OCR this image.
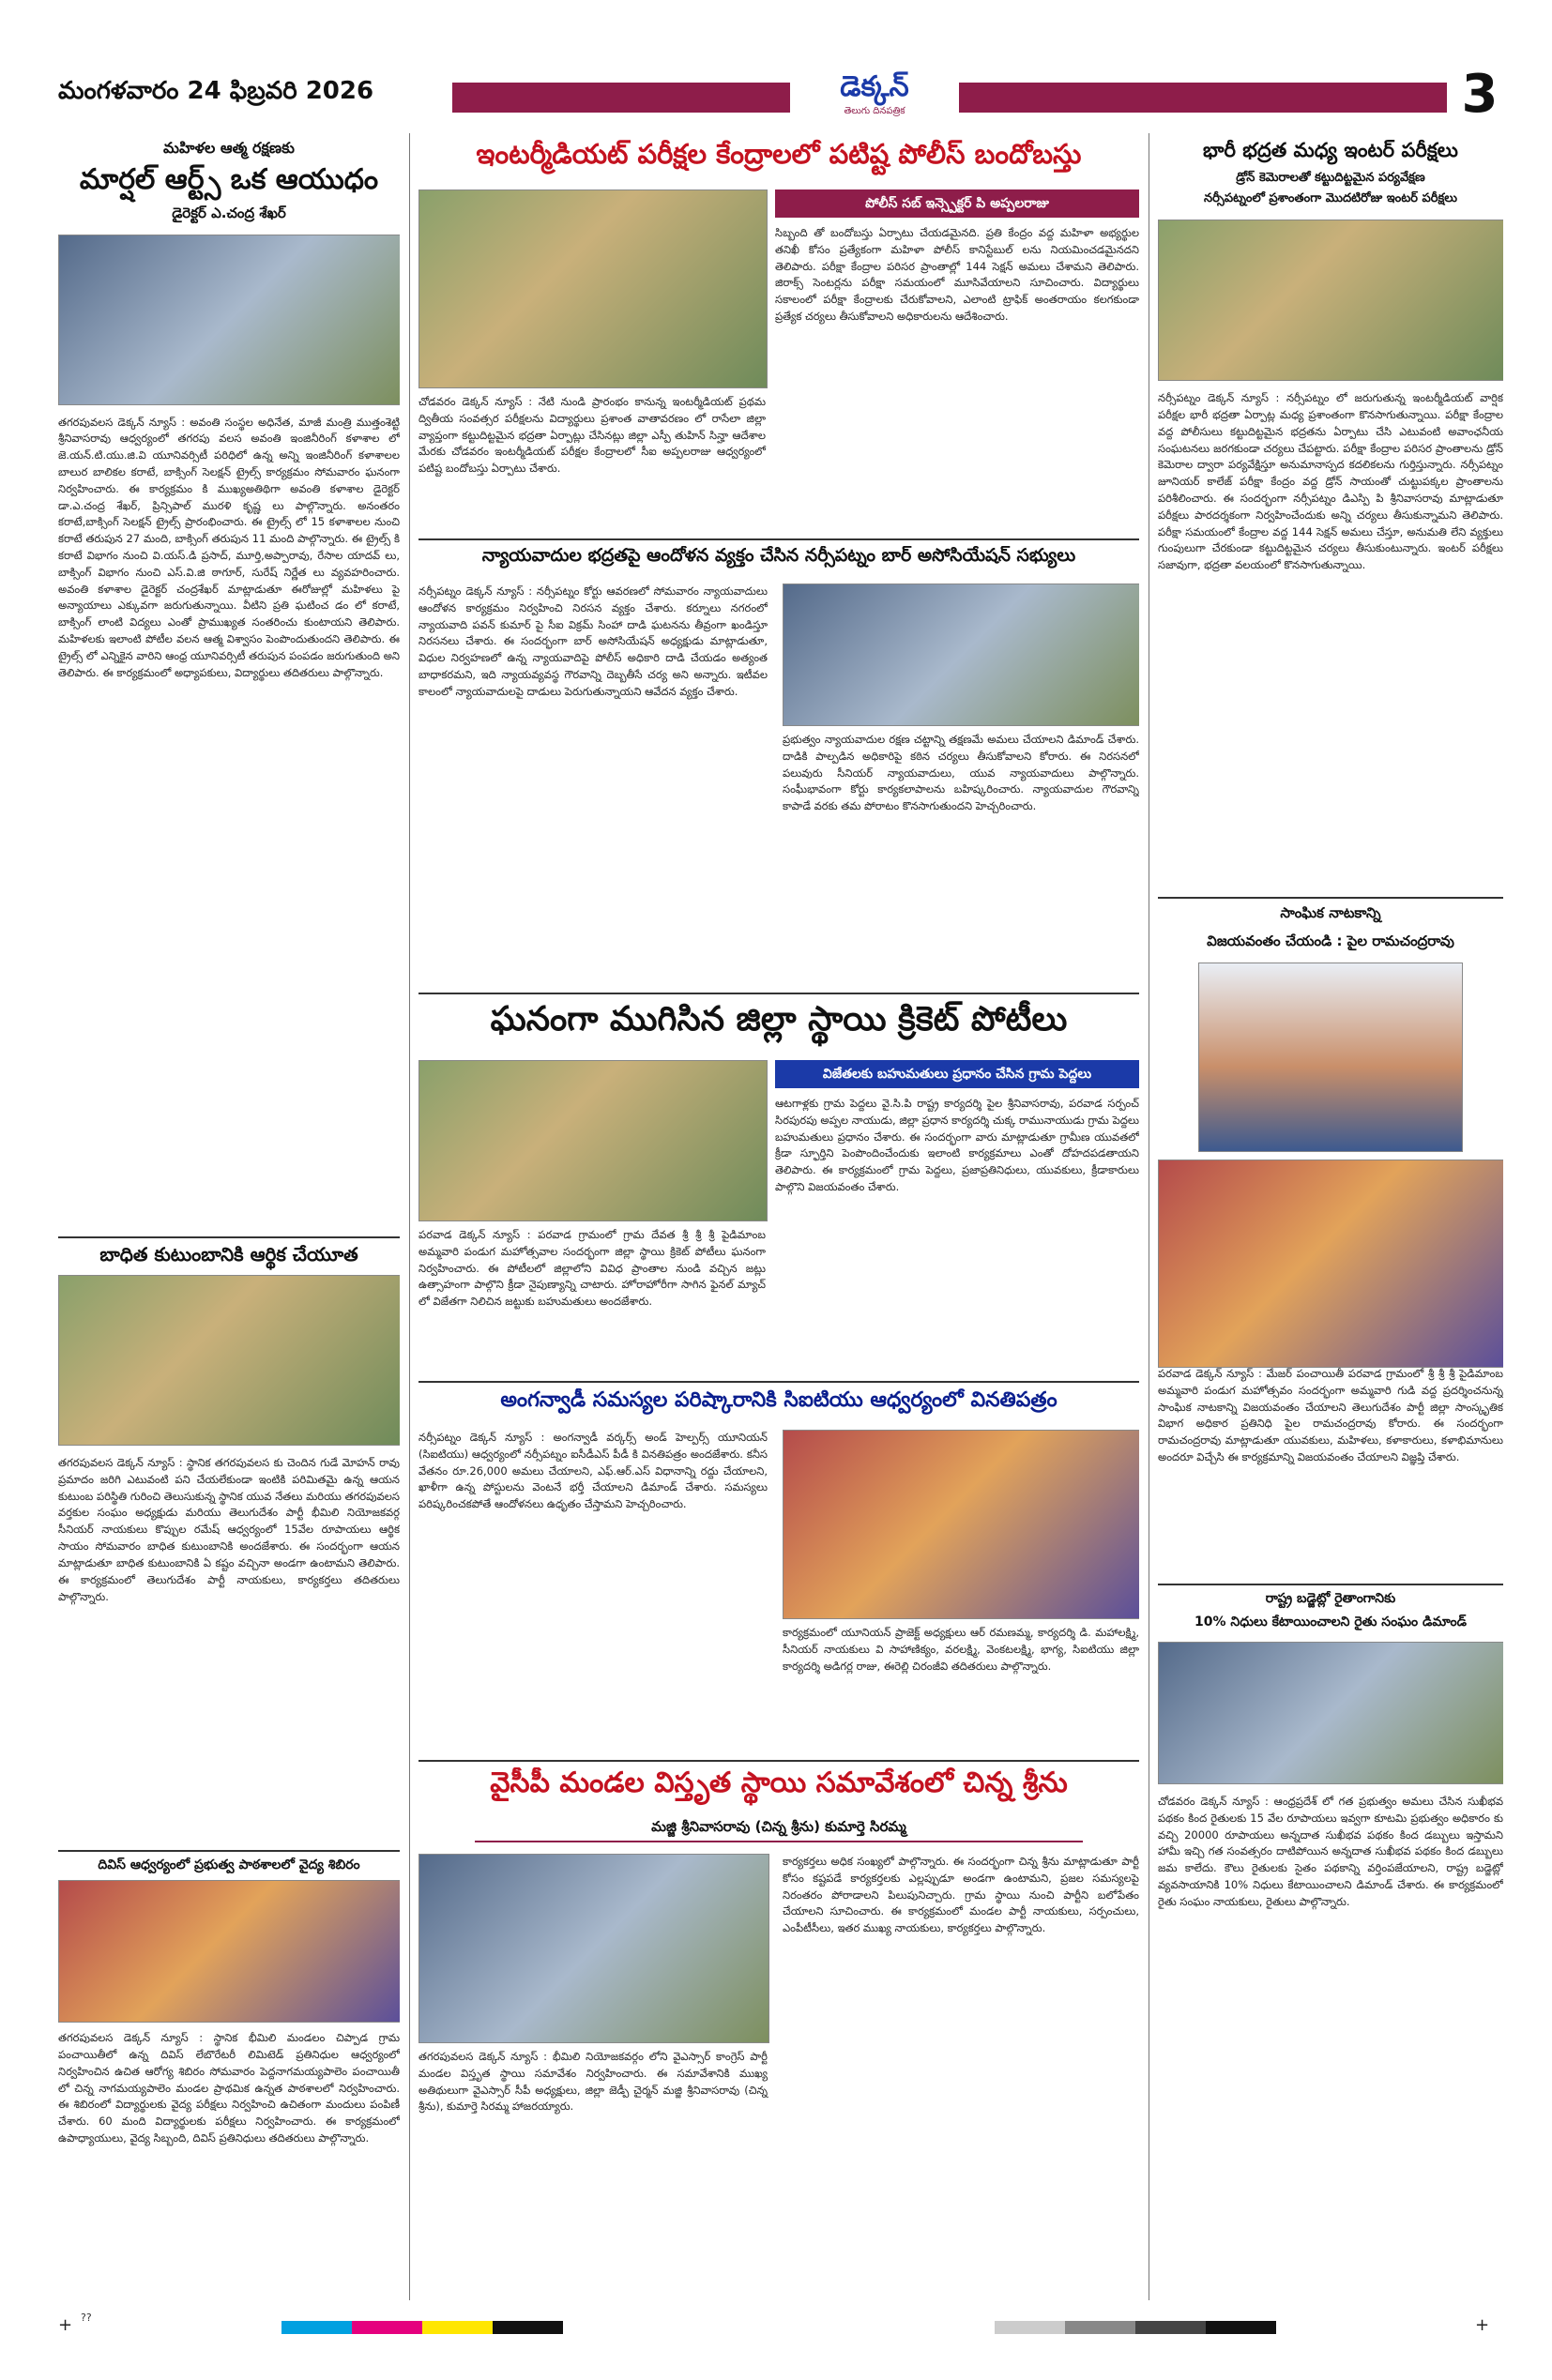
మంగళవారం 24 ఫిబ్రవరి 2026	డెక్కన్
తెలుగు దినపత్రిక	3
మహిళల ఆత్మ రక్షణకు
మార్షల్ ఆర్ట్స్ ఒక ఆయుధం
డైరెక్టర్ ఎ.చంద్ర శేఖర్
తగరపువలస డెక్కన్ న్యూస్ : అవంతి సంస్థల అధినేత, మాజీ మంత్రి ముత్తంశెట్టి శ్రీనివాసరావు ఆధ్వర్యంలో తగరపు వలస అవంతి ఇంజినీరింగ్ కళాశాల లో జె.యన్.టి.యు.జి.వి యూనివర్సిటీ పరిధిలో ఉన్న అన్ని ఇంజినీరింగ్ కళాశాలల బాలుర బాలికల కరాటే, బాక్సింగ్ సెలక్షన్ ట్రైల్స్ కార్యక్రమం సోమవారం ఘనంగా నిర్వహించారు. ఈ కార్యక్రమం కి ముఖ్యఅతిథిగా అవంతి కళాశాల డైరెక్టర్ డా.ఎ.చంద్ర శేఖర్, ప్రిన్సిపాల్ మురళి కృష్ణ లు పాల్గొన్నారు. అనంతరం కరాటే,బాక్సింగ్ సెలక్షన్ ట్రైల్స్ ప్రారంభించారు. ఈ ట్రైల్స్ లో 15 కళాశాలల నుంచి కరాటే తరుపున 27 మంది, బాక్సింగ్ తరుపున 11 మంది పాల్గొన్నారు. ఈ ట్రైల్స్ కి కరాటే విభాగం నుంచి వి.యస్.డి ప్రసాద్, మూర్తి,అప్పారావు, రేసాల యాదవ్ లు, బాక్సింగ్ విభాగం నుంచి ఎస్.వి.జి ఠాగూర్, సురేష్ నిర్ణేత లు వ్యవహరించారు. అవంతి కళాశాల డైరెక్టర్ చంద్రశేఖర్ మాట్లాడుతూ ఈరోజుల్లో మహిళలు పై అన్యాయాలు ఎక్కువగా జరుగుతున్నాయి. వీటిని ప్రతి ఘటించ డం లో కరాటే, బాక్సింగ్ లాంటి విద్యలు ఎంతో ప్రాముఖ్యత సంతరించు కుంటాయని తెలిపారు. మహిళలకు ఇలాంటి పోటీల వలన ఆత్మ విశ్వాసం పెంపొందుతుందని తెలిపారు. ఈ ట్రైల్స్ లో ఎన్నికైన వారిని ఆంధ్ర యూనివర్సిటీ తరుపున పంపడం జరుగుతుంది అని తెలిపారు. ఈ కార్యక్రమంలో అధ్యాపకులు, విద్యార్థులు తదితరులు పాల్గొన్నారు.
బాధిత కుటుంబానికి ఆర్థిక చేయూత
తగరపువలస డెక్కన్ న్యూస్ : స్థానిక తగరపువలస కు చెందిన గుడే మోహన్ రావు ప్రమాదం జరిగి ఎటువంటి పని చేయలేకుండా ఇంటికి పరిమితమై ఉన్న ఆయన కుటుంబ పరిస్థితి గురించి తెలుసుకున్న స్థానిక యువ నేతలు మరియు తగరపువలస వర్తకుల సంఘం అధ్యక్షుడు మరియు తెలుగుదేశం పార్టీ భీమిలి నియోజకవర్గ సీనియర్ నాయకులు కొప్పుల రమేష్ ఆధ్వర్యంలో 15వేల రూపాయలు ఆర్థిక సాయం సోమవారం బాధిత కుటుంబానికి అందజేశారు. ఈ సందర్భంగా ఆయన మాట్లాడుతూ బాధిత కుటుంబానికి ఏ కష్టం వచ్చినా అండగా ఉంటామని తెలిపారు. ఈ కార్యక్రమంలో తెలుగుదేశం పార్టీ నాయకులు, కార్యకర్తలు తదితరులు పాల్గొన్నారు.
దివిస్ ఆధ్వర్యంలో ప్రభుత్వ పాఠశాలలో వైద్య శిబిరం
తగరపువలస డెక్కన్ న్యూస్ : స్థానిక భీమిలి మండలం చిప్పాడ గ్రామ పంచాయితీలో ఉన్న దివిస్ లేబొరేటరీ లిమిటెడ్ ప్రతినిధుల ఆధ్వర్యంలో నిర్వహించిన ఉచిత ఆరోగ్య శిబిరం సోమవారం పెద్దనాగమయ్యపాలెం పంచాయితీ లో చిన్న నాగమయ్యపాలెం మండల ప్రాథమిక ఉన్నత పాఠశాలలో నిర్వహించారు. ఈ శిబిరంలో విద్యార్థులకు వైద్య పరీక్షలు నిర్వహించి ఉచితంగా మందులు పంపిణీ చేశారు. 60 మంది విద్యార్థులకు పరీక్షలు నిర్వహించారు. ఈ కార్యక్రమంలో ఉపాధ్యాయులు, వైద్య సిబ్బంది, దివిస్ ప్రతినిధులు తదితరులు పాల్గొన్నారు.
ఇంటర్మీడియట్ పరీక్షల కేంద్రాలలో పటిష్ట పోలీస్ బందోబస్తు
పోలీస్ సబ్ ఇన్స్పెక్టర్ పి అప్పలరాజు
సిబ్బంది తో బందోబస్తు ఏర్పాటు చేయడమైనది. ప్రతి కేంద్రం వద్ద మహిళా అభ్యర్థుల తనిఖీ కోసం ప్రత్యేకంగా మహిళా పోలీస్ కానిస్టేబుల్ లను నియమించడమైనదని తెలిపారు. పరీక్షా కేంద్రాల పరిసర ప్రాంతాల్లో 144 సెక్షన్ అమలు చేశామని తెలిపారు. జిరాక్స్ సెంటర్లను పరీక్షా సమయంలో మూసివేయాలని సూచించారు. విద్యార్థులు సకాలంలో పరీక్షా కేంద్రాలకు చేరుకోవాలని, ఎలాంటి ట్రాఫిక్ అంతరాయం కలగకుండా ప్రత్యేక చర్యలు తీసుకోవాలని అధికారులను ఆదేశించారు.
చోడవరం డెక్కన్ న్యూస్ : నేటి నుండి ప్రారంభం కానున్న ఇంటర్మీడియట్ ప్రథమ ద్వితీయ సంవత్సర పరీక్షలను విద్యార్థులు ప్రశాంత వాతావరణం లో రాసేలా జిల్లా వ్యాప్తంగా కట్టుదిట్టమైన భద్రతా ఏర్పాట్లు చేసినట్లు జిల్లా ఎస్పీ తుహిన్ సిన్హా ఆదేశాల మేరకు చోడవరం ఇంటర్మీడియట్ పరీక్షల కేంద్రాలలో సీఐ అప్పలరాజు ఆధ్వర్యంలో పటిష్ట బందోబస్తు ఏర్పాటు చేశారు.
న్యాయవాదుల భద్రతపై ఆందోళన వ్యక్తం చేసిన నర్సీపట్నం బార్ అసోసియేషన్ సభ్యులు
నర్సీపట్నం డెక్కన్ న్యూస్ : నర్సీపట్నం కోర్టు ఆవరణలో సోమవారం న్యాయవాదులు ఆందోళన కార్యక్రమం నిర్వహించి నిరసన వ్యక్తం చేశారు. కర్నూలు నగరంలో న్యాయవాది పవన్ కుమార్ పై సీఐ విక్రమ్ సింహా దాడి ఘటనను తీవ్రంగా ఖండిస్తూ నిరసనలు చేశారు. ఈ సందర్భంగా బార్ అసోసియేషన్ అధ్యక్షుడు మాట్లాడుతూ, విధుల నిర్వహణలో ఉన్న న్యాయవాదిపై పోలీస్ అధికారి దాడి చేయడం అత్యంత బాధాకరమని, ఇది న్యాయవ్యవస్థ గౌరవాన్ని దెబ్బతీసే చర్య అని అన్నారు. ఇటీవల కాలంలో న్యాయవాదులపై దాడులు పెరుగుతున్నాయని ఆవేదన వ్యక్తం చేశారు.
ప్రభుత్వం న్యాయవాదుల రక్షణ చట్టాన్ని తక్షణమే అమలు చేయాలని డిమాండ్ చేశారు. దాడికి పాల్పడిన అధికారిపై కఠిన చర్యలు తీసుకోవాలని కోరారు. ఈ నిరసనలో పలువురు సీనియర్ న్యాయవాదులు, యువ న్యాయవాదులు పాల్గొన్నారు. సంఘీభావంగా కోర్టు కార్యకలాపాలను బహిష్కరించారు. న్యాయవాదుల గౌరవాన్ని కాపాడే వరకు తమ పోరాటం కొనసాగుతుందని హెచ్చరించారు.
ఘనంగా ముగిసిన జిల్లా స్థాయి క్రికెట్ పోటీలు
విజేతలకు బహుమతులు ప్రధానం చేసిన గ్రామ పెద్దలు
ఆటగాళ్లకు గ్రామ పెద్దలు వై.సి.పి రాష్ట్ర కార్యదర్శి పైల శ్రీనివాసరావు, పరవాడ సర్పంచ్ సిరపురపు అప్పల నాయుడు, జిల్లా ప్రధాన కార్యదర్శి చుక్క రామునాయుడు గ్రామ పెద్దలు బహుమతులు ప్రధానం చేశారు. ఈ సందర్భంగా వారు మాట్లాడుతూ గ్రామీణ యువతలో క్రీడా స్ఫూర్తిని పెంపొందించేందుకు ఇలాంటి కార్యక్రమాలు ఎంతో దోహదపడతాయని తెలిపారు. ఈ కార్యక్రమంలో గ్రామ పెద్దలు, ప్రజాప్రతినిధులు, యువకులు, క్రీడాకారులు పాల్గొని విజయవంతం చేశారు.
పరవాడ డెక్కన్ న్యూస్ : పరవాడ గ్రామంలో గ్రామ దేవత శ్రీ శ్రీ శ్రీ పైడిమాంబ అమ్మవారి పండుగ మహోత్సవాల సందర్భంగా జిల్లా స్థాయి క్రికెట్ పోటీలు ఘనంగా నిర్వహించారు. ఈ పోటీలలో జిల్లాలోని వివిధ ప్రాంతాల నుండి వచ్చిన జట్లు ఉత్సాహంగా పాల్గొని క్రీడా నైపుణ్యాన్ని చాటారు. హోరాహోరీగా సాగిన ఫైనల్ మ్యాచ్ లో విజేతగా నిలిచిన జట్టుకు బహుమతులు అందజేశారు.
అంగన్వాడీ సమస్యల పరిష్కారానికి సిఐటియు ఆధ్వర్యంలో వినతిపత్రం
నర్సీపట్నం డెక్కన్ న్యూస్ : అంగన్వాడీ వర్కర్స్ అండ్ హెల్పర్స్ యూనియన్ (సిఐటియు) ఆధ్వర్యంలో నర్సీపట్నం ఐసీడీఎస్ పీడీ కి వినతిపత్రం అందజేశారు. కనీస వేతనం రూ.26,000 అమలు చేయాలని, ఎఫ్.ఆర్.ఎస్ విధానాన్ని రద్దు చేయాలని, ఖాళీగా ఉన్న పోస్టులను వెంటనే భర్తీ చేయాలని డిమాండ్ చేశారు. సమస్యలు పరిష్కరించకపోతే ఆందోళనలు ఉధృతం చేస్తామని హెచ్చరించారు.
కార్యక్రమంలో యూనియన్ ప్రాజెక్ట్ అధ్యక్షులు ఆర్ రమణమ్మ, కార్యదర్శి డి. మహాలక్ష్మి, సీనియర్ నాయకులు వి సాహాణిక్యం, వరలక్ష్మి, వెంకటలక్ష్మి, భాగ్య, సిఐటియు జిల్లా కార్యదర్శి అడిగర్ల రాజు, ఈరెల్లి చిరంజీవి తదితరులు పాల్గొన్నారు.
వైసీపీ మండల విస్తృత స్థాయి సమావేశంలో చిన్న శ్రీను
మజ్జి శ్రీనివాసరావు (చిన్న శ్రీను) కుమార్తె సిరమ్మ
తగరపువలస డెక్కన్ న్యూస్ : భీమిలి నియోజకవర్గం లోని వైఎస్సార్ కాంగ్రెస్ పార్టీ మండల విస్తృత స్థాయి సమావేశం నిర్వహించారు. ఈ సమావేశానికి ముఖ్య అతిథులుగా వైఎస్సార్ సీపీ అధ్యక్షులు, జిల్లా జెడ్పీ చైర్మన్ మజ్జి శ్రీనివాసరావు (చిన్న శ్రీను), కుమార్తె సిరమ్మ హాజరయ్యారు.
కార్యకర్తలు అధిక సంఖ్యలో పాల్గొన్నారు. ఈ సందర్భంగా చిన్న శ్రీను మాట్లాడుతూ పార్టీ కోసం కష్టపడే కార్యకర్తలకు ఎల్లప్పుడూ అండగా ఉంటామని, ప్రజల సమస్యలపై నిరంతరం పోరాడాలని పిలుపునిచ్చారు. గ్రామ స్థాయి నుంచి పార్టీని బలోపేతం చేయాలని సూచించారు. ఈ కార్యక్రమంలో మండల పార్టీ నాయకులు, సర్పంచులు, ఎంపీటీసీలు, ఇతర ముఖ్య నాయకులు, కార్యకర్తలు పాల్గొన్నారు.
భారీ భద్రత మధ్య ఇంటర్ పరీక్షలు
డ్రోన్ కెమెరాలతో కట్టుదిట్టమైన పర్యవేక్షణ
నర్సీపట్నంలో ప్రశాంతంగా మొదటిరోజు ఇంటర్ పరీక్షలు
నర్సీపట్నం డెక్కన్ న్యూస్ : నర్సీపట్నం లో జరుగుతున్న ఇంటర్మీడియట్ వార్షిక పరీక్షల భారీ భద్రతా ఏర్పాట్ల మధ్య ప్రశాంతంగా కొనసాగుతున్నాయి. పరీక్షా కేంద్రాల వద్ద పోలీసులు కట్టుదిట్టమైన భద్రతను ఏర్పాటు చేసి ఎటువంటి అవాంఛనీయ సంఘటనలు జరగకుండా చర్యలు చేపట్టారు. పరీక్షా కేంద్రాల పరిసర ప్రాంతాలను డ్రోన్ కెమెరాల ద్వారా పర్యవేక్షిస్తూ అనుమానాస్పద కదలికలను గుర్తిస్తున్నారు. నర్సీపట్నం జూనియర్ కాలేజ్ పరీక్షా కేంద్రం వద్ద డ్రోన్ సాయంతో చుట్టుపక్కల ప్రాంతాలను పరిశీలించారు. ఈ సందర్భంగా నర్సీపట్నం డిఎస్పి పి శ్రీనివాసరావు మాట్లాడుతూ పరీక్షలు పారదర్శకంగా నిర్వహించేందుకు అన్ని చర్యలు తీసుకున్నామని తెలిపారు. పరీక్షా సమయంలో కేంద్రాల వద్ద 144 సెక్షన్ అమలు చేస్తూ, అనుమతి లేని వ్యక్తులు గుంపులుగా చేరకుండా కట్టుదిట్టమైన చర్యలు తీసుకుంటున్నారు. ఇంటర్ పరీక్షలు సజావుగా, భద్రతా వలయంలో కొనసాగుతున్నాయి.
సాంఘిక నాటకాన్ని
విజయవంతం చేయండి : పైల రామచంద్రరావు
పరవాడ డెక్కన్ న్యూస్ : మేజర్ పంచాయితీ పరవాడ గ్రామంలో శ్రీ శ్రీ శ్రీ పైడిమాంబ అమ్మవారి పండుగ మహోత్సవం సందర్భంగా అమ్మవారి గుడి వద్ద ప్రదర్శించనున్న సాంఘిక నాటకాన్ని విజయవంతం చేయాలని తెలుగుదేశం పార్టీ జిల్లా సాంస్కృతిక విభాగ అధికార ప్రతినిధి పైల రామచంద్రరావు కోరారు. ఈ సందర్భంగా రామచంద్రరావు మాట్లాడుతూ యువకులు, మహిళలు, కళాకారులు, కళాభిమానులు అందరూ విచ్చేసి ఈ కార్యక్రమాన్ని విజయవంతం చేయాలని విజ్ఞప్తి చేశారు.
రాష్ట్ర బడ్జెట్లో రైతాంగానికు
10% నిధులు కేటాయించాలని రైతు సంఘం డిమాండ్
చోడవరం డెక్కన్ న్యూస్ : ఆంధ్రప్రదేశ్ లో గత ప్రభుత్వం అమలు చేసిన సుఖీభవ పథకం కింద రైతులకు 15 వేల రూపాయలు ఇవ్వగా కూటమి ప్రభుత్వం అధికారం కు వచ్చి 20000 రూపాయలు అన్నదాత సుఖీభవ పథకం కింద డబ్బులు ఇస్తామని హామీ ఇచ్చి గత సంవత్సరం దాటిపోయిన అన్నదాత సుఖీభవ పథకం కింద డబ్బులు జమ కాలేదు. కౌలు రైతులకు సైతం పథకాన్ని వర్తింపజేయాలని, రాష్ట్ర బడ్జెట్లో వ్యవసాయానికి 10% నిధులు కేటాయించాలని డిమాండ్ చేశారు. ఈ కార్యక్రమంలో రైతు సంఘం నాయకులు, రైతులు పాల్గొన్నారు.
+ ??	+
